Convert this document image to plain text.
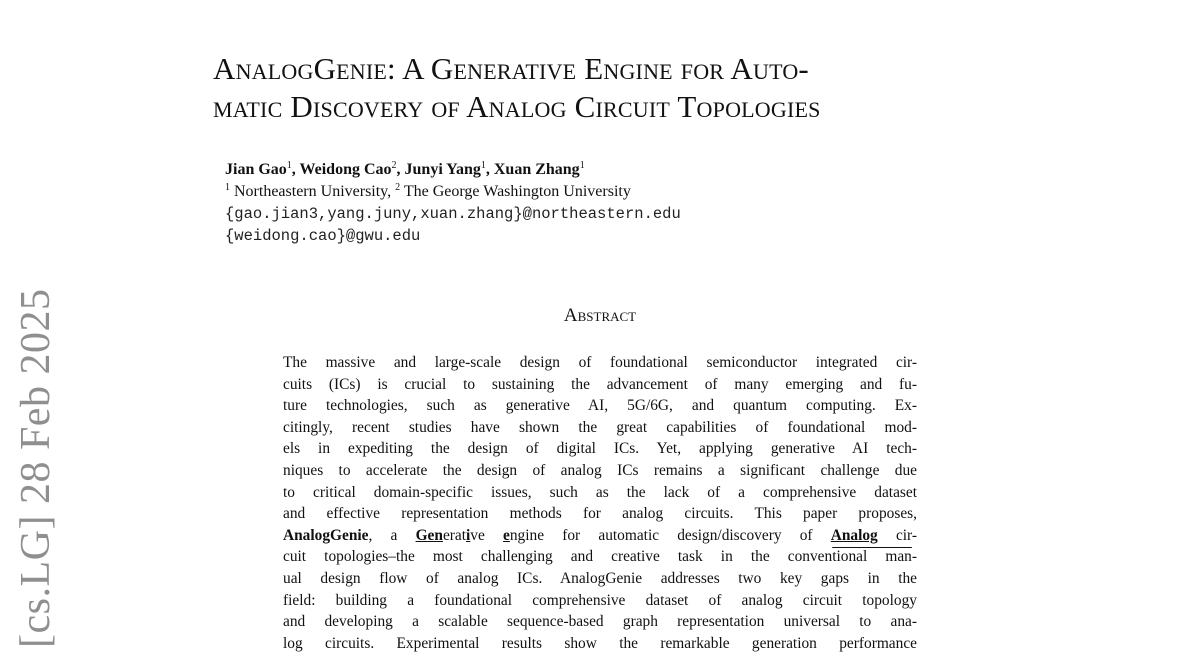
[cs.LG] 28 Feb 2025
AnalogGenie: A Generative Engine for Auto-
matic Discovery of Analog Circuit Topologies
Jian Gao$^1$, Weidong Cao$^2$, Junyi Yang$^1$, Xuan Zhang$^1$
$^1$ Northeastern University, $^2$ The George Washington University
{gao.jian3,yang.juny,xuan.zhang}@northeastern.edu
{weidong.cao}@gwu.edu
Abstract
The massive and large-scale design of foundational semiconductor integrated cir-
cuits (ICs) is crucial to sustaining the advancement of many emerging and fu-
ture technologies, such as generative AI, 5G/6G, and quantum computing. Ex-
citingly, recent studies have shown the great capabilities of foundational mod-
els in expediting the design of digital ICs. Yet, applying generative AI tech-
niques to accelerate the design of analog ICs remains a significant challenge due
to critical domain-specific issues, such as the lack of a comprehensive dataset
and effective representation methods for analog circuits. This paper proposes,
AnalogGenie, a Generative engine for automatic design/discovery of Analog cir-
cuit topologies–the most challenging and creative task in the conventional man-
ual design flow of analog ICs. AnalogGenie addresses two key gaps in the
field: building a foundational comprehensive dataset of analog circuit topology
and developing a scalable sequence-based graph representation universal to ana-
log circuits. Experimental results show the remarkable generation performance
